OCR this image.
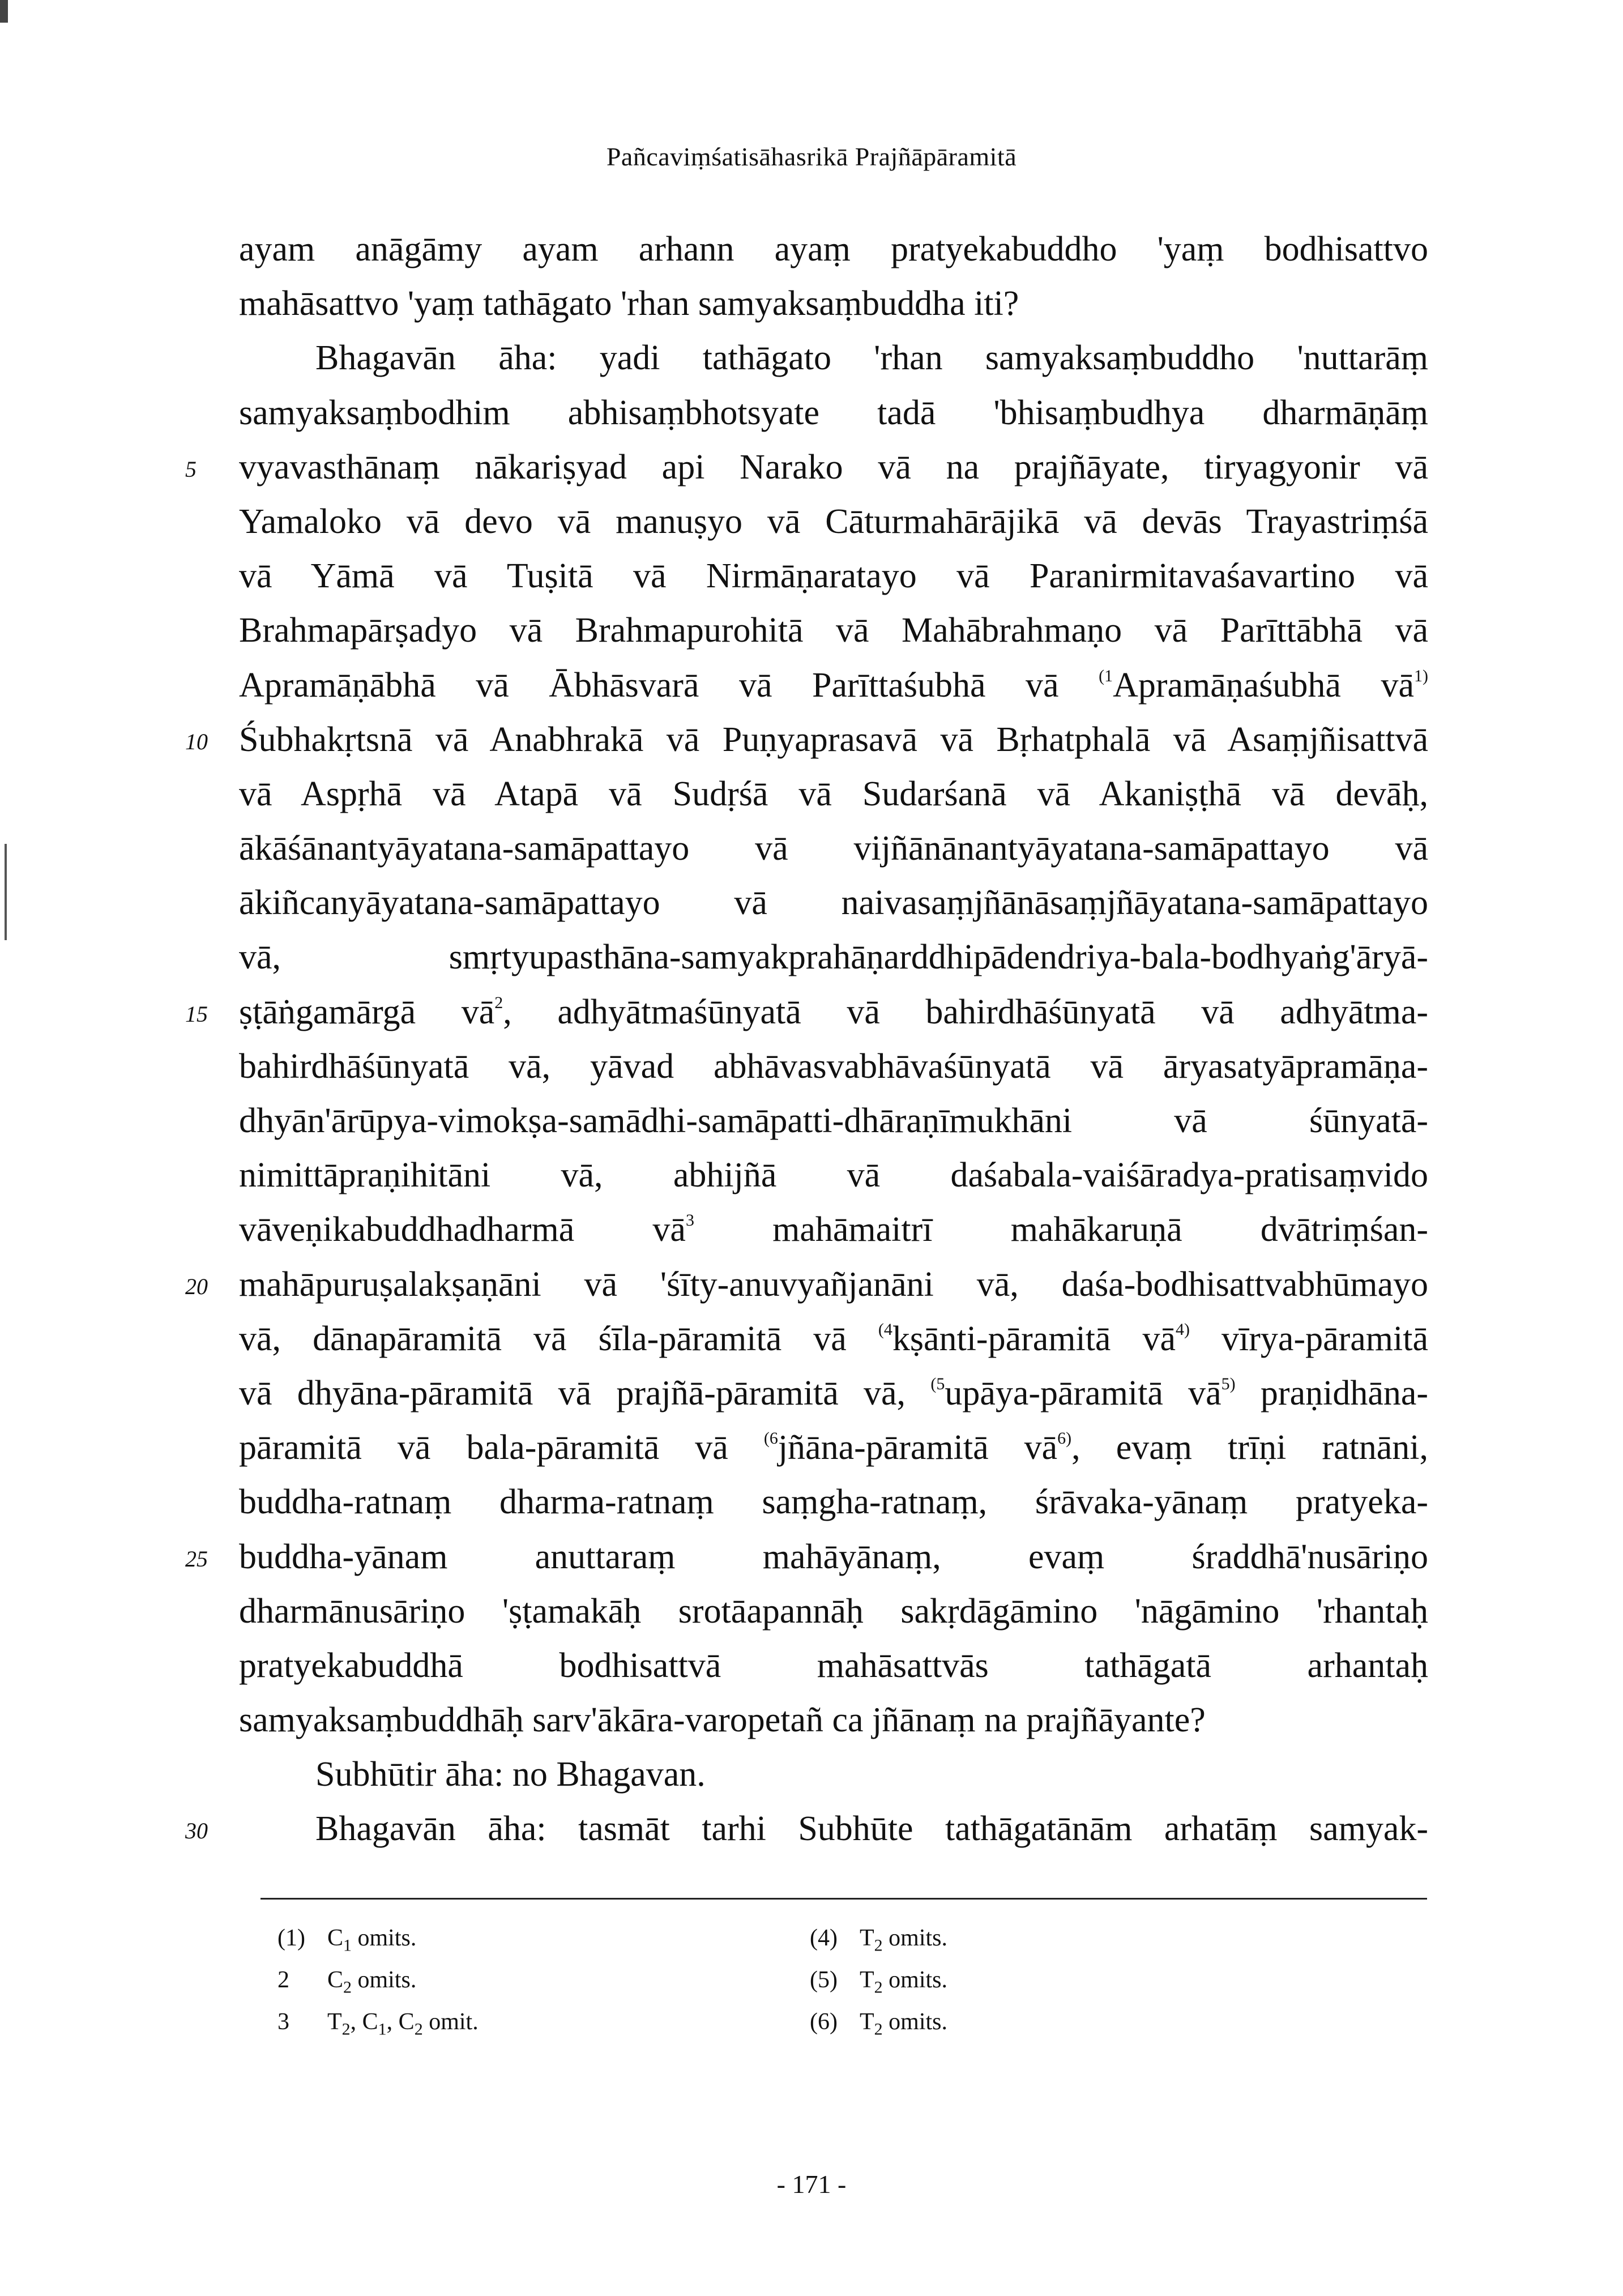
Pañcaviṃśatisāhasrikā Prajñāpāramitā
ayam anāgāmy ayam arhann ayaṃ pratyekabuddho 'yaṃ bodhisattvo
mahāsattvo 'yaṃ tathāgato 'rhan samyaksaṃbuddha iti?
Bhagavān āha: yadi tathāgato 'rhan samyaksaṃbuddho 'nuttarāṃ
samyaksaṃbodhim abhisaṃbhotsyate tadā 'bhisaṃbudhya dharmāṇāṃ
5	vyavasthānaṃ nākariṣyad api Narako vā na prajñāyate, tiryagyonir vā
Yamaloko vā devo vā manuṣyo vā Cāturmahārājikā vā devās Trayastriṃśā
vā Yāmā vā Tuṣitā vā Nirmāṇaratayo vā Paranirmitavaśavartino vā
Brahmapārṣadyo vā Brahmapurohitā vā Mahābrahmaṇo vā Parīttābhā vā
Apramāṇābhā vā Ābhāsvarā vā Parīttaśubhā vā $^{(1}$Apramāṇaśubhā $vā^{1)}$
10 Śubhakṛtsnā vā Anabhrakā vā Puṇyaprasavā vā Bṛhatphalā vā Asaṃjñisattvā
vā Aspṛhā vā Atapā vā Sudṛśā vā Sudarśanā vā Akaniṣṭhā vā devāḥ,
ākāśānantyāyatana-samāpattayo vā vijñānānantyāyatana-samāpattayo vā
ākiñcanyāyatana-samāpattayo vā naivasaṃjñānāsaṃjñāyatana-samāpattayo
vā, smṛtyupasthāna-samyakprahāṇarddhipādendriya-bala-bodhyaṅg'āryā-
15 ṣṭāṅgamārgā $vā^2$, adhyātmaśūnyatā vā bahirdhāśūnyatā vā adhyātma-
bahirdhāśūnyatā vā, yāvad abhāvasvabhāvaśūnyatā vā āryasatyāpramāṇa-
dhyān'ārūpya-vimokṣa-samādhi-samāpatti-dhāraṇīmukhāni vā śūnyatā-
nimittāpraṇihitāni vā, abhijñā vā daśabala-vaiśāradya-pratisaṃvido
vāveṇikabuddhadharmā $vā^3$ mahāmaitrī mahākaruṇā dvātriṃśan-
20 mahāpuruṣalakṣaṇāni vā 'śīty-anuvyañjanāni vā, daśa-bodhisattvabhūmayo
vā, dānapāramitā vā śīla-pāramitā vā $^{(4}$kṣānti-pāramitā $vā^{4)}$ vīrya-pāramitā
vā dhyāna-pāramitā vā prajñā-pāramitā vā, $^{(5}$upāya-pāramitā $vā^{5)}$ praṇidhāna-
pāramitā vā bala-pāramitā vā $^{(6}$jñāna-pāramitā $vā^{6)}$, evaṃ trīṇi ratnāni,
buddha-ratnaṃ dharma-ratnaṃ saṃgha-ratnaṃ, śrāvaka-yānaṃ pratyeka-
25 buddha-yānam anuttaraṃ mahāyānaṃ, evaṃ śraddhā'nusāriṇo
dharmānusāriṇo 'ṣṭamakāḥ srotāapannāḥ sakṛdāgāmino 'nāgāmino 'rhantaḥ
pratyekabuddhā bodhisattvā mahāsattvās tathāgatā arhantaḥ
samyaksaṃbuddhāḥ sarv'ākāra-varopetañ ca jñānaṃ na prajñāyante?
Subhūtir āha: no Bhagavan.
30	Bhagavān āha: tasmāt tarhi Subhūte tathāgatānām arhatāṃ samyak-
(1) $C_1$ omits.	(4) $T_2$ omits.
2 $C_2$ omits.	(5) $T_2$ omits.
3 $T_2$, $C_1$, $C_2$ omit.	(6) $T_2$ omits.
- 171 -
